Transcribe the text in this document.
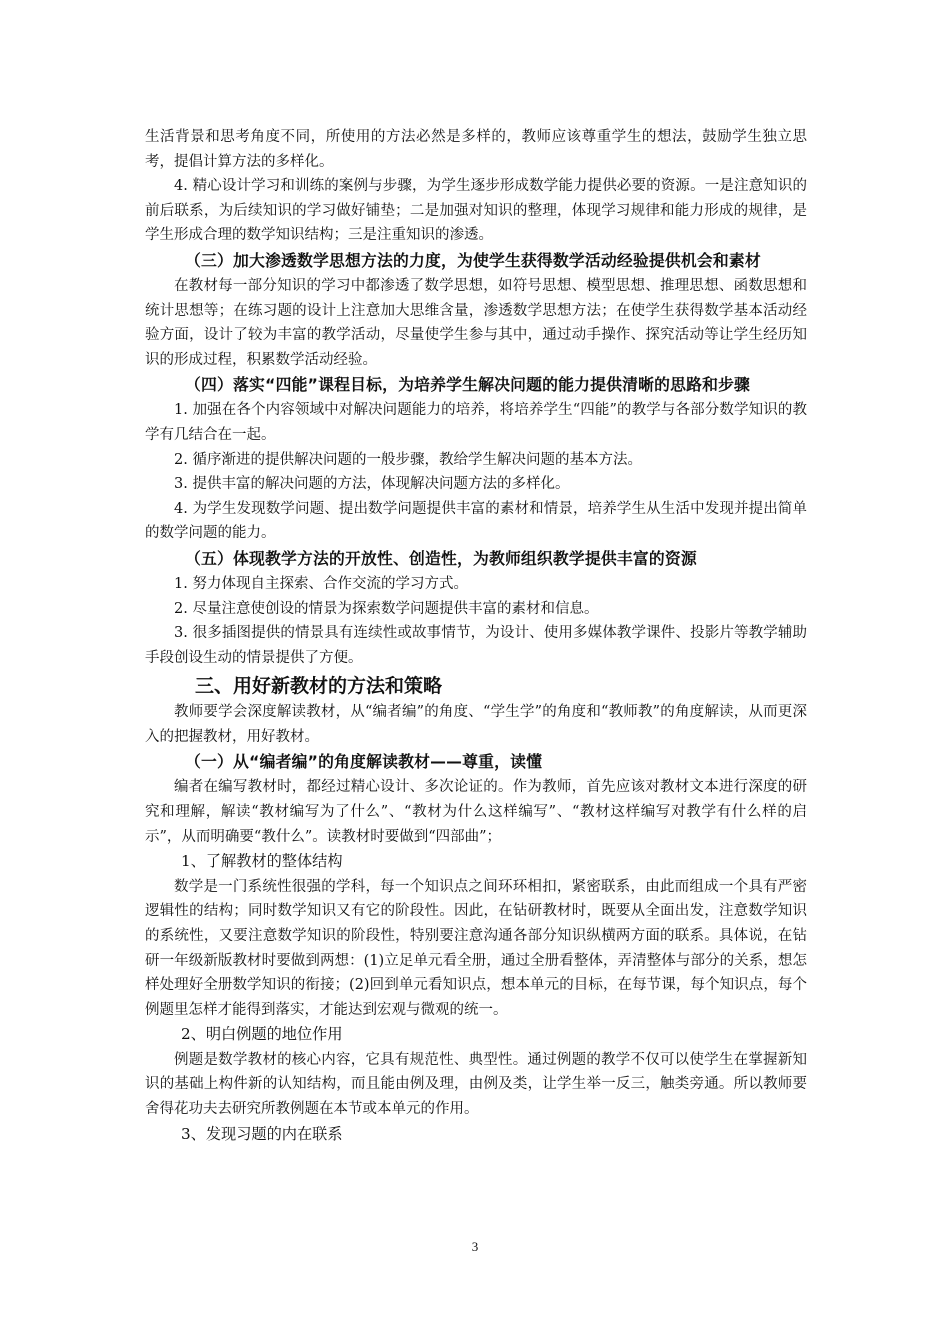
生活背景和思考角度不同，所使用的方法必然是多样的，教师应该尊重学生的想法，鼓励学生独立思考，提倡计算方法的多样化。

4. 精心设计学习和训练的案例与步骤，为学生逐步形成数学能力提供必要的资源。一是注意知识的前后联系，为后续知识的学习做好铺垫；二是加强对知识的整理，体现学习规律和能力形成的规律，是学生形成合理的数学知识结构；三是注重知识的渗透。

（三）加大渗透数学思想方法的力度，为使学生获得数学活动经验提供机会和素材

在教材每一部分知识的学习中都渗透了数学思想，如符号思想、模型思想、推理思想、函数思想和统计思想等；在练习题的设计上注意加大思维含量，渗透数学思想方法；在使学生获得数学基本活动经验方面，设计了较为丰富的教学活动，尽量使学生参与其中，通过动手操作、探究活动等让学生经历知识的形成过程，积累数学活动经验。

（四）落实“四能”课程目标，为培养学生解决问题的能力提供清晰的思路和步骤

1. 加强在各个内容领域中对解决问题能力的培养，将培养学生“四能”的教学与各部分数学知识的教学有几结合在一起。

2. 循序渐进的提供解决问题的一般步骤，教给学生解决问题的基本方法。

3. 提供丰富的解决问题的方法，体现解决问题方法的多样化。

4. 为学生发现数学问题、提出数学问题提供丰富的素材和情景，培养学生从生活中发现并提出简单的数学问题的能力。

（五）体现教学方法的开放性、创造性，为教师组织教学提供丰富的资源

1. 努力体现自主探索、合作交流的学习方式。

2. 尽量注意使创设的情景为探索数学问题提供丰富的素材和信息。

3. 很多插图提供的情景具有连续性或故事情节，为设计、使用多媒体教学课件、投影片等教学辅助手段创设生动的情景提供了方便。

三、用好新教材的方法和策略

教师要学会深度解读教材，从“编者编”的角度、“学生学”的角度和“教师教”的角度解读，从而更深入的把握教材，用好教材。

（一）从“编者编”的角度解读教材——尊重，读懂

编者在编写教材时，都经过精心设计、多次论证的。作为教师，首先应该对教材文本进行深度的研究和理解，解读“教材编写为了什么”、“教材为什么这样编写”、“教材这样编写对教学有什么样的启示”，从而明确要“教什么”。读教材时要做到“四部曲”；

1、了解教材的整体结构

数学是一门系统性很强的学科，每一个知识点之间环环相扣，紧密联系，由此而组成一个具有严密逻辑性的结构；同时数学知识又有它的阶段性。因此，在钻研教材时，既要从全面出发，注意数学知识的系统性，又要注意数学知识的阶段性，特别要注意沟通各部分知识纵横两方面的联系。具体说，在钻研一年级新版教材时要做到两想：(1)立足单元看全册，通过全册看整体，弄清整体与部分的关系，想怎样处理好全册数学知识的衔接；(2)回到单元看知识点，想本单元的目标，在每节课，每个知识点，每个例题里怎样才能得到落实，才能达到宏观与微观的统一。

2、明白例题的地位作用

例题是数学教材的核心内容，它具有规范性、典型性。通过例题的教学不仅可以使学生在掌握新知识的基础上构件新的认知结构，而且能由例及理，由例及类，让学生举一反三，触类旁通。所以教师要舍得花功夫去研究所教例题在本节或本单元的作用。

3、发现习题的内在联系
3
